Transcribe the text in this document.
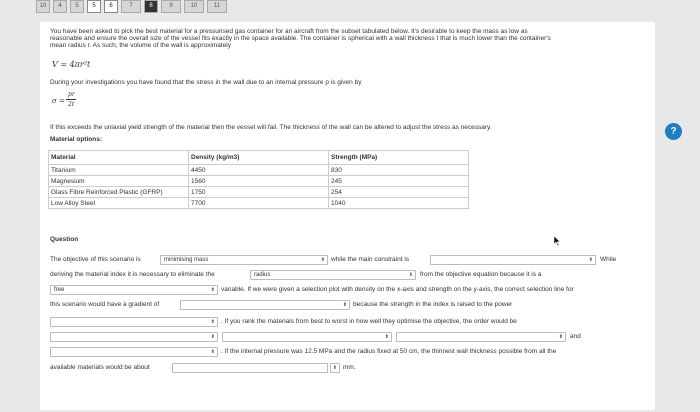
10	4	5	5	6	7	8	9	10	11
You have been asked to pick the best material for a pressurised gas container for an aircraft from the subset tabulated below. It's desirable to keep the mass as low as
reasonable and ensure the overall size of the vessel fits exactly in the space available. The container is spherical with a wall thickness t that is much lower than the container's
mean radius r. As such, the volume of the wall is approximately
V = 4πr²t
During your investigations you have found that the stress in the wall due to an internal pressure p is given by
σ =
pr
2t
If this exceeds the uniaxial yield strength of the material then the vessel will fail. The thickness of the wall can be altered to adjust the stress as necessary.
Material options:
?
Material	Density (kg/m3)	Strength (MPa)
Titanium	4450	830
Magnesium	1560	245
Glass Fibre Reinforced Plastic (GFRP)	1750	254
Low Alloy Steel	7700	1040
Question
The objective of this scenario is	minimising mass	⬍ while the main constraint is	⬍ While
deriving the material index it is necessary to eliminate the	radius	⬍ from the objective equation because it is a
free	⬍ variable. If we were given a selection plot with density on the x-axis and strength on the y-axis, the correct selection line for
this scenario would have a gradient of	⬍ because the strength in the index is raised to the power
⬍ . If you rank the materials from best to worst in how well they optimise the objective, the order would be
⬍	⬍	⬍ and
⬍ . If the internal pressure was 12.5 MPa and the radius fixed at 50 cm, the thinnest wall thickness possible from all the
available materials would be about	⬍ mm.
